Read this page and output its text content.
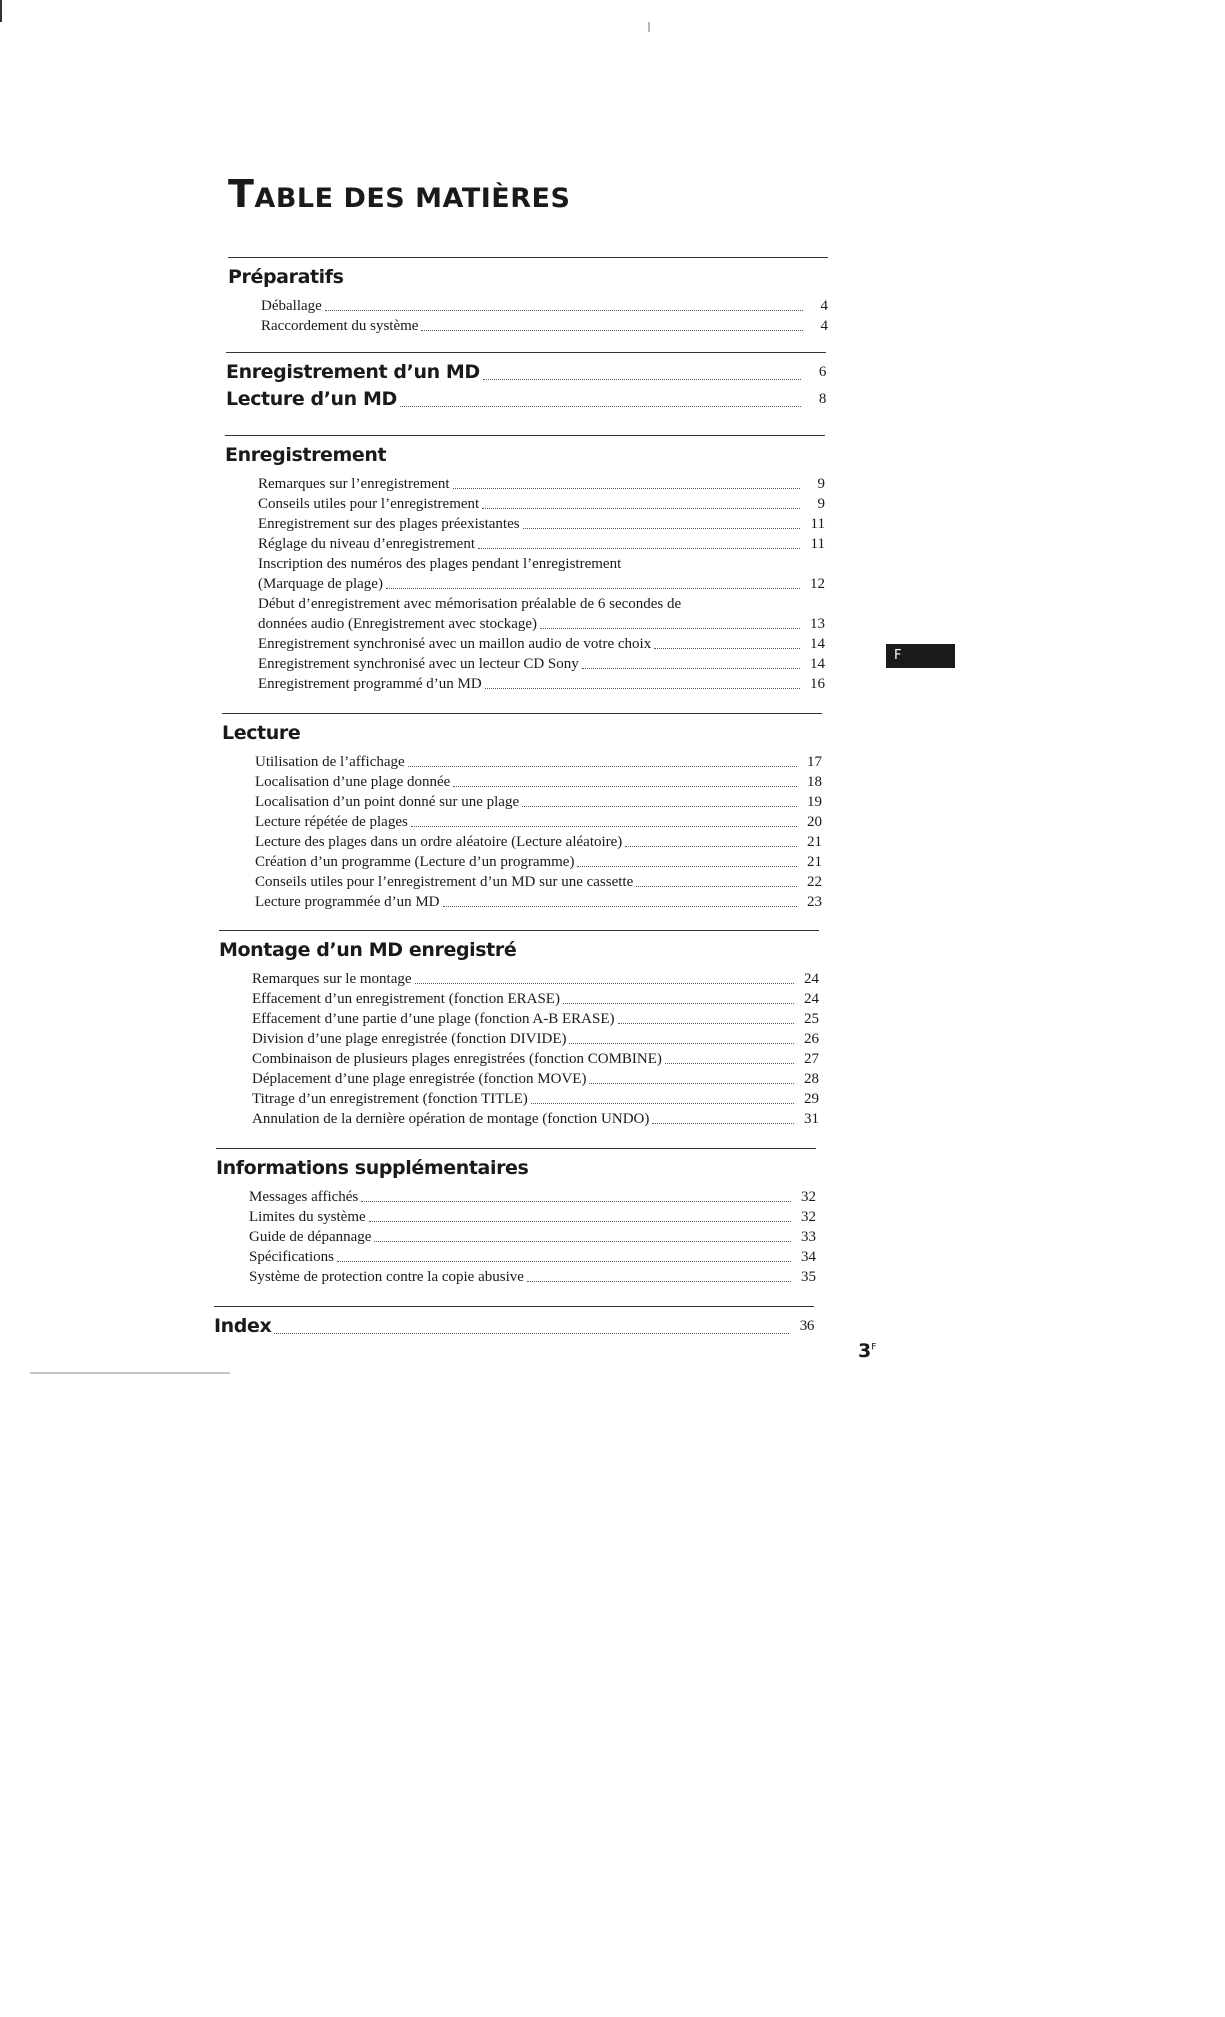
TABLE DES MATIÈRES
Préparatifs
Déballage	4
Raccordement du système	4
Enregistrement d’un MD	6
Lecture d’un MD	8
Enregistrement
Remarques sur l’enregistrement	9
Conseils utiles pour l’enregistrement	9
Enregistrement sur des plages préexistantes	11
Réglage du niveau d’enregistrement	11
Inscription des numéros des plages pendant l’enregistrement
(Marquage de plage)	12
Début d’enregistrement avec mémorisation préalable de 6 secondes de
données audio (Enregistrement avec stockage)	13
Enregistrement synchronisé avec un maillon audio de votre choix	14
Enregistrement synchronisé avec un lecteur CD Sony	14
Enregistrement programmé d’un MD	16
Lecture
Utilisation de l’affichage	17
Localisation d’une plage donnée	18
Localisation d’un point donné sur une plage	19
Lecture répétée de plages	20
Lecture des plages dans un ordre aléatoire (Lecture aléatoire)	21
Création d’un programme (Lecture d’un programme)	21
Conseils utiles pour l’enregistrement d’un MD sur une cassette	22
Lecture programmée d’un MD	23
Montage d’un MD enregistré
Remarques sur le montage	24
Effacement d’un enregistrement (fonction ERASE)	24
Effacement d’une partie d’une plage (fonction A-B ERASE)	25
Division d’une plage enregistrée (fonction DIVIDE)	26
Combinaison de plusieurs plages enregistrées (fonction COMBINE)	27
Déplacement d’une plage enregistrée (fonction MOVE)	28
Titrage d’un enregistrement (fonction TITLE)	29
Annulation de la dernière opération de montage (fonction UNDO)	31
Informations supplémentaires
Messages affichés	32
Limites du système	32
Guide de dépannage	33
Spécifications	34
Système de protection contre la copie abusive	35
Index	36
F
$3^F$
